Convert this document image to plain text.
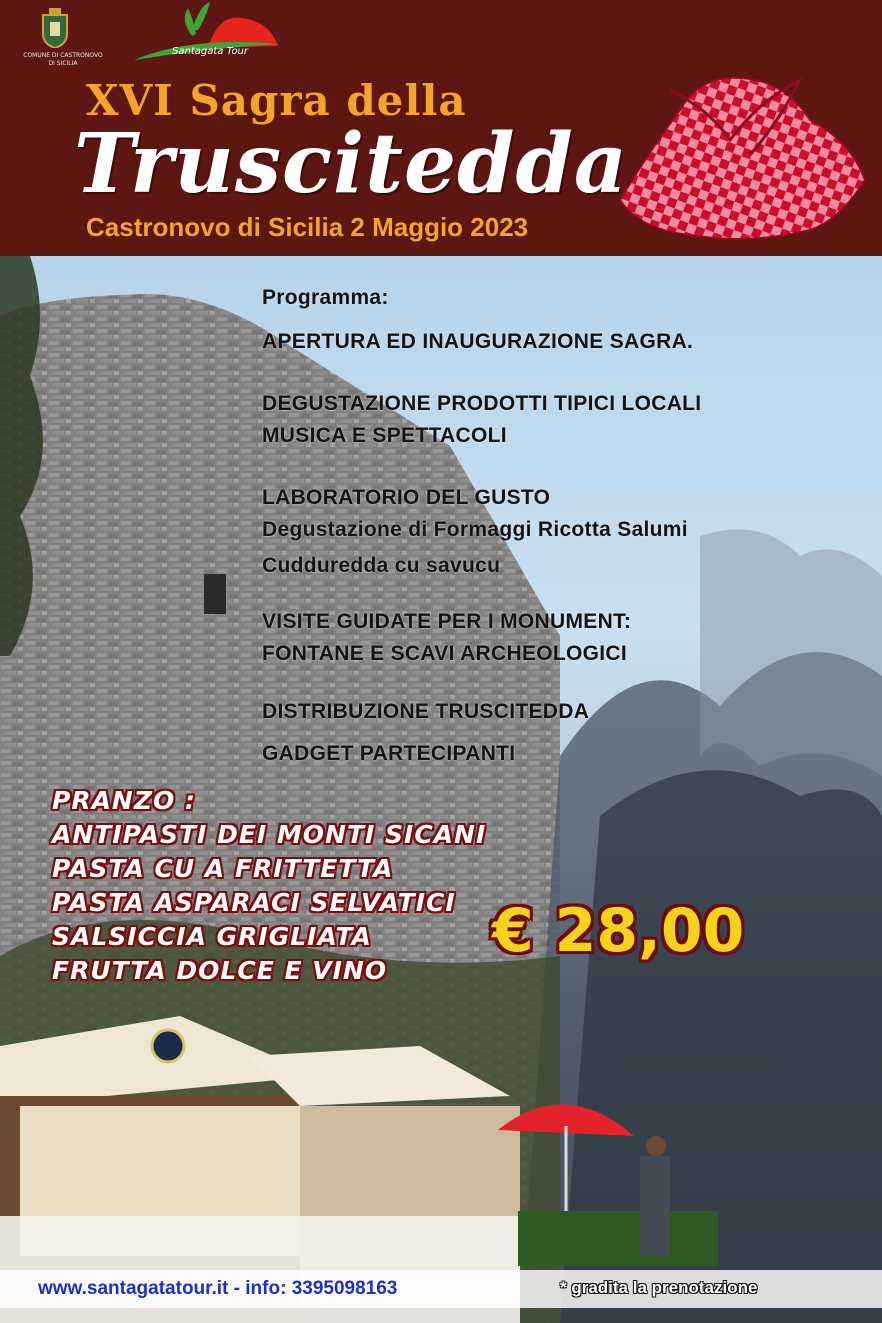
COMUNE DI CASTRONOVO DI SICILIA
Santagata Tour
XVI Sagra della
Truscitedda
Castronovo di Sicilia 2 Maggio 2023
Programma:
APERTURA ED INAUGURAZIONE SAGRA.
DEGUSTAZIONE PRODOTTI TIPICI LOCALI
MUSICA E SPETTACOLI
LABORATORIO DEL GUSTO
Degustazione di Formaggi Ricotta Salumi
Cudduredda cu savucu
VISITE GUIDATE PER I MONUMENT:
FONTANE E SCAVI ARCHEOLOGICI
DISTRIBUZIONE TRUSCITEDDA
GADGET PARTECIPANTI
PRANZO :
ANTIPASTI DEI MONTI SICANI
PASTA CU A FRITTETTA
PASTA ASPARACI SELVATICI
SALSICCIA GRIGLIATA
FRUTTA DOLCE E VINO
€ 28,00
www.santagatatour.it - info: 3395098163	* gradita la prenotazione
